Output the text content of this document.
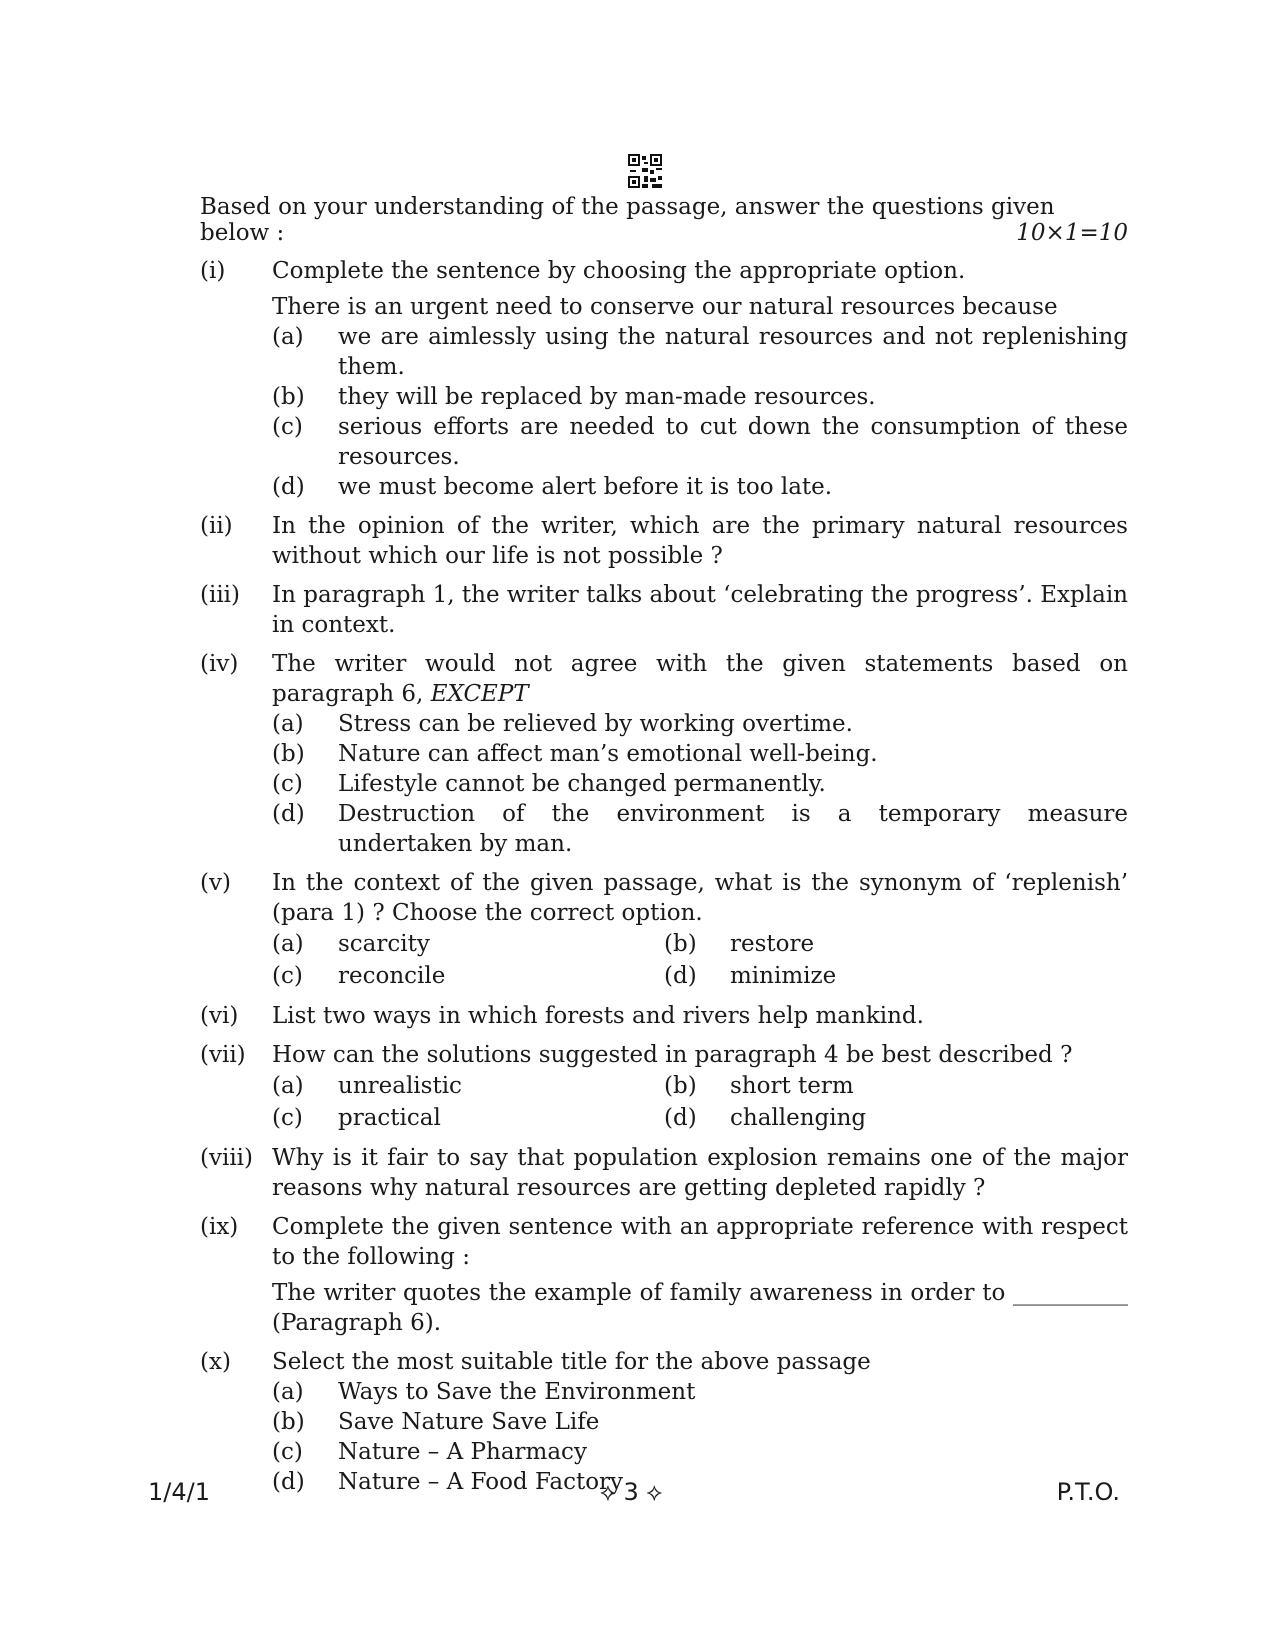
Based on your understanding of the passage, answer the questions given
below :	10×1=10
(i)	Complete the sentence by choosing the appropriate option.
There is an urgent need to conserve our natural resources because
(a)	we are aimlessly using the natural resources and not replenishing them.
(b)	they will be replaced by man-made resources.
(c)	serious efforts are needed to cut down the consumption of these resources.
(d)	we must become alert before it is too late.
(ii)	In the opinion of the writer, which are the primary natural resources without which our life is not possible ?
(iii)	In paragraph 1, the writer talks about ‘celebrating the progress’. Explain in context.
(iv)	The writer would not agree with the given statements based on paragraph 6, EXCEPT
(a)	Stress can be relieved by working overtime.
(b)	Nature can affect man’s emotional well-being.
(c)	Lifestyle cannot be changed permanently.
(d)	Destruction of the environment is a temporary measure undertaken by man.
(v)	In the context of the given passage, what is the synonym of ‘replenish’ (para 1) ? Choose the correct option.
(a)	scarcity	(b)	restore
(c)	reconcile	(d)	minimize
(vi)	List two ways in which forests and rivers help mankind.
(vii)	How can the solutions suggested in paragraph 4 be best described ?
(a)	unrealistic	(b)	short term
(c)	practical	(d)	challenging
(viii) Why is it fair to say that population explosion remains one of the major reasons why natural resources are getting depleted rapidly ?
(ix)	Complete the given sentence with an appropriate reference with respect to the following :
The writer quotes the example of family awareness in order to __________ (Paragraph 6).
(x)	Select the most suitable title for the above passage
(a)	Ways to Save the Environment
(b)	Save Nature Save Life
(c)	Nature – A Pharmacy
(d)	Nature – A Food Factory
1/4/1	⟡ 3 ⟡	P.T.O.
